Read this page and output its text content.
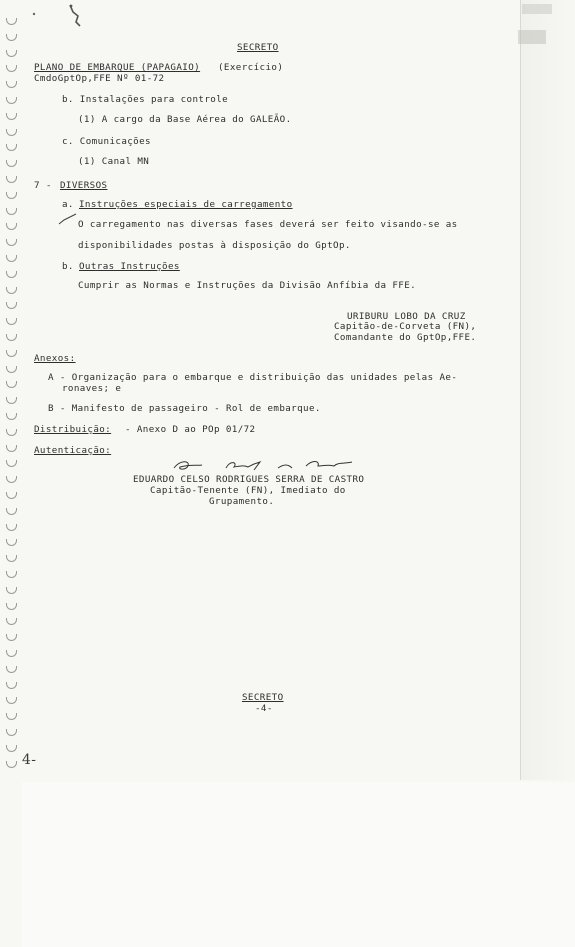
SECRETO
PLANO DE EMBARQUE (PAPAGAIO) (Exercício)
CmdoGptOp,FFE Nº 01-72
b. Instalações para controle
(1) A cargo da Base Aérea do GALEÃO.
c. Comunicações
(1) Canal MN
7 - DIVERSOS
a. Instruções especiais de carregamento
O carregamento nas diversas fases deverá ser feito visando-se as
disponibilidades postas à disposição do GptOp.
b. Outras Instruções
Cumprir as Normas e Instruções da Divisão Anfíbia da FFE.
URIBURU LOBO DA CRUZ
Capitão-de-Corveta (FN),
Comandante do GptOp,FFE.
Anexos:
A - Organização para o embarque e distribuição das unidades pelas Ae-
ronaves; e
B - Manifesto de passageiro - Rol de embarque.
Distribuição: - Anexo D ao POp 01/72
Autenticação:
EDUARDO CELSO RODRIGUES SERRA DE CASTRO
Capitão-Tenente (FN), Imediato do
Grupamento.
SECRETO
-4-
4-
